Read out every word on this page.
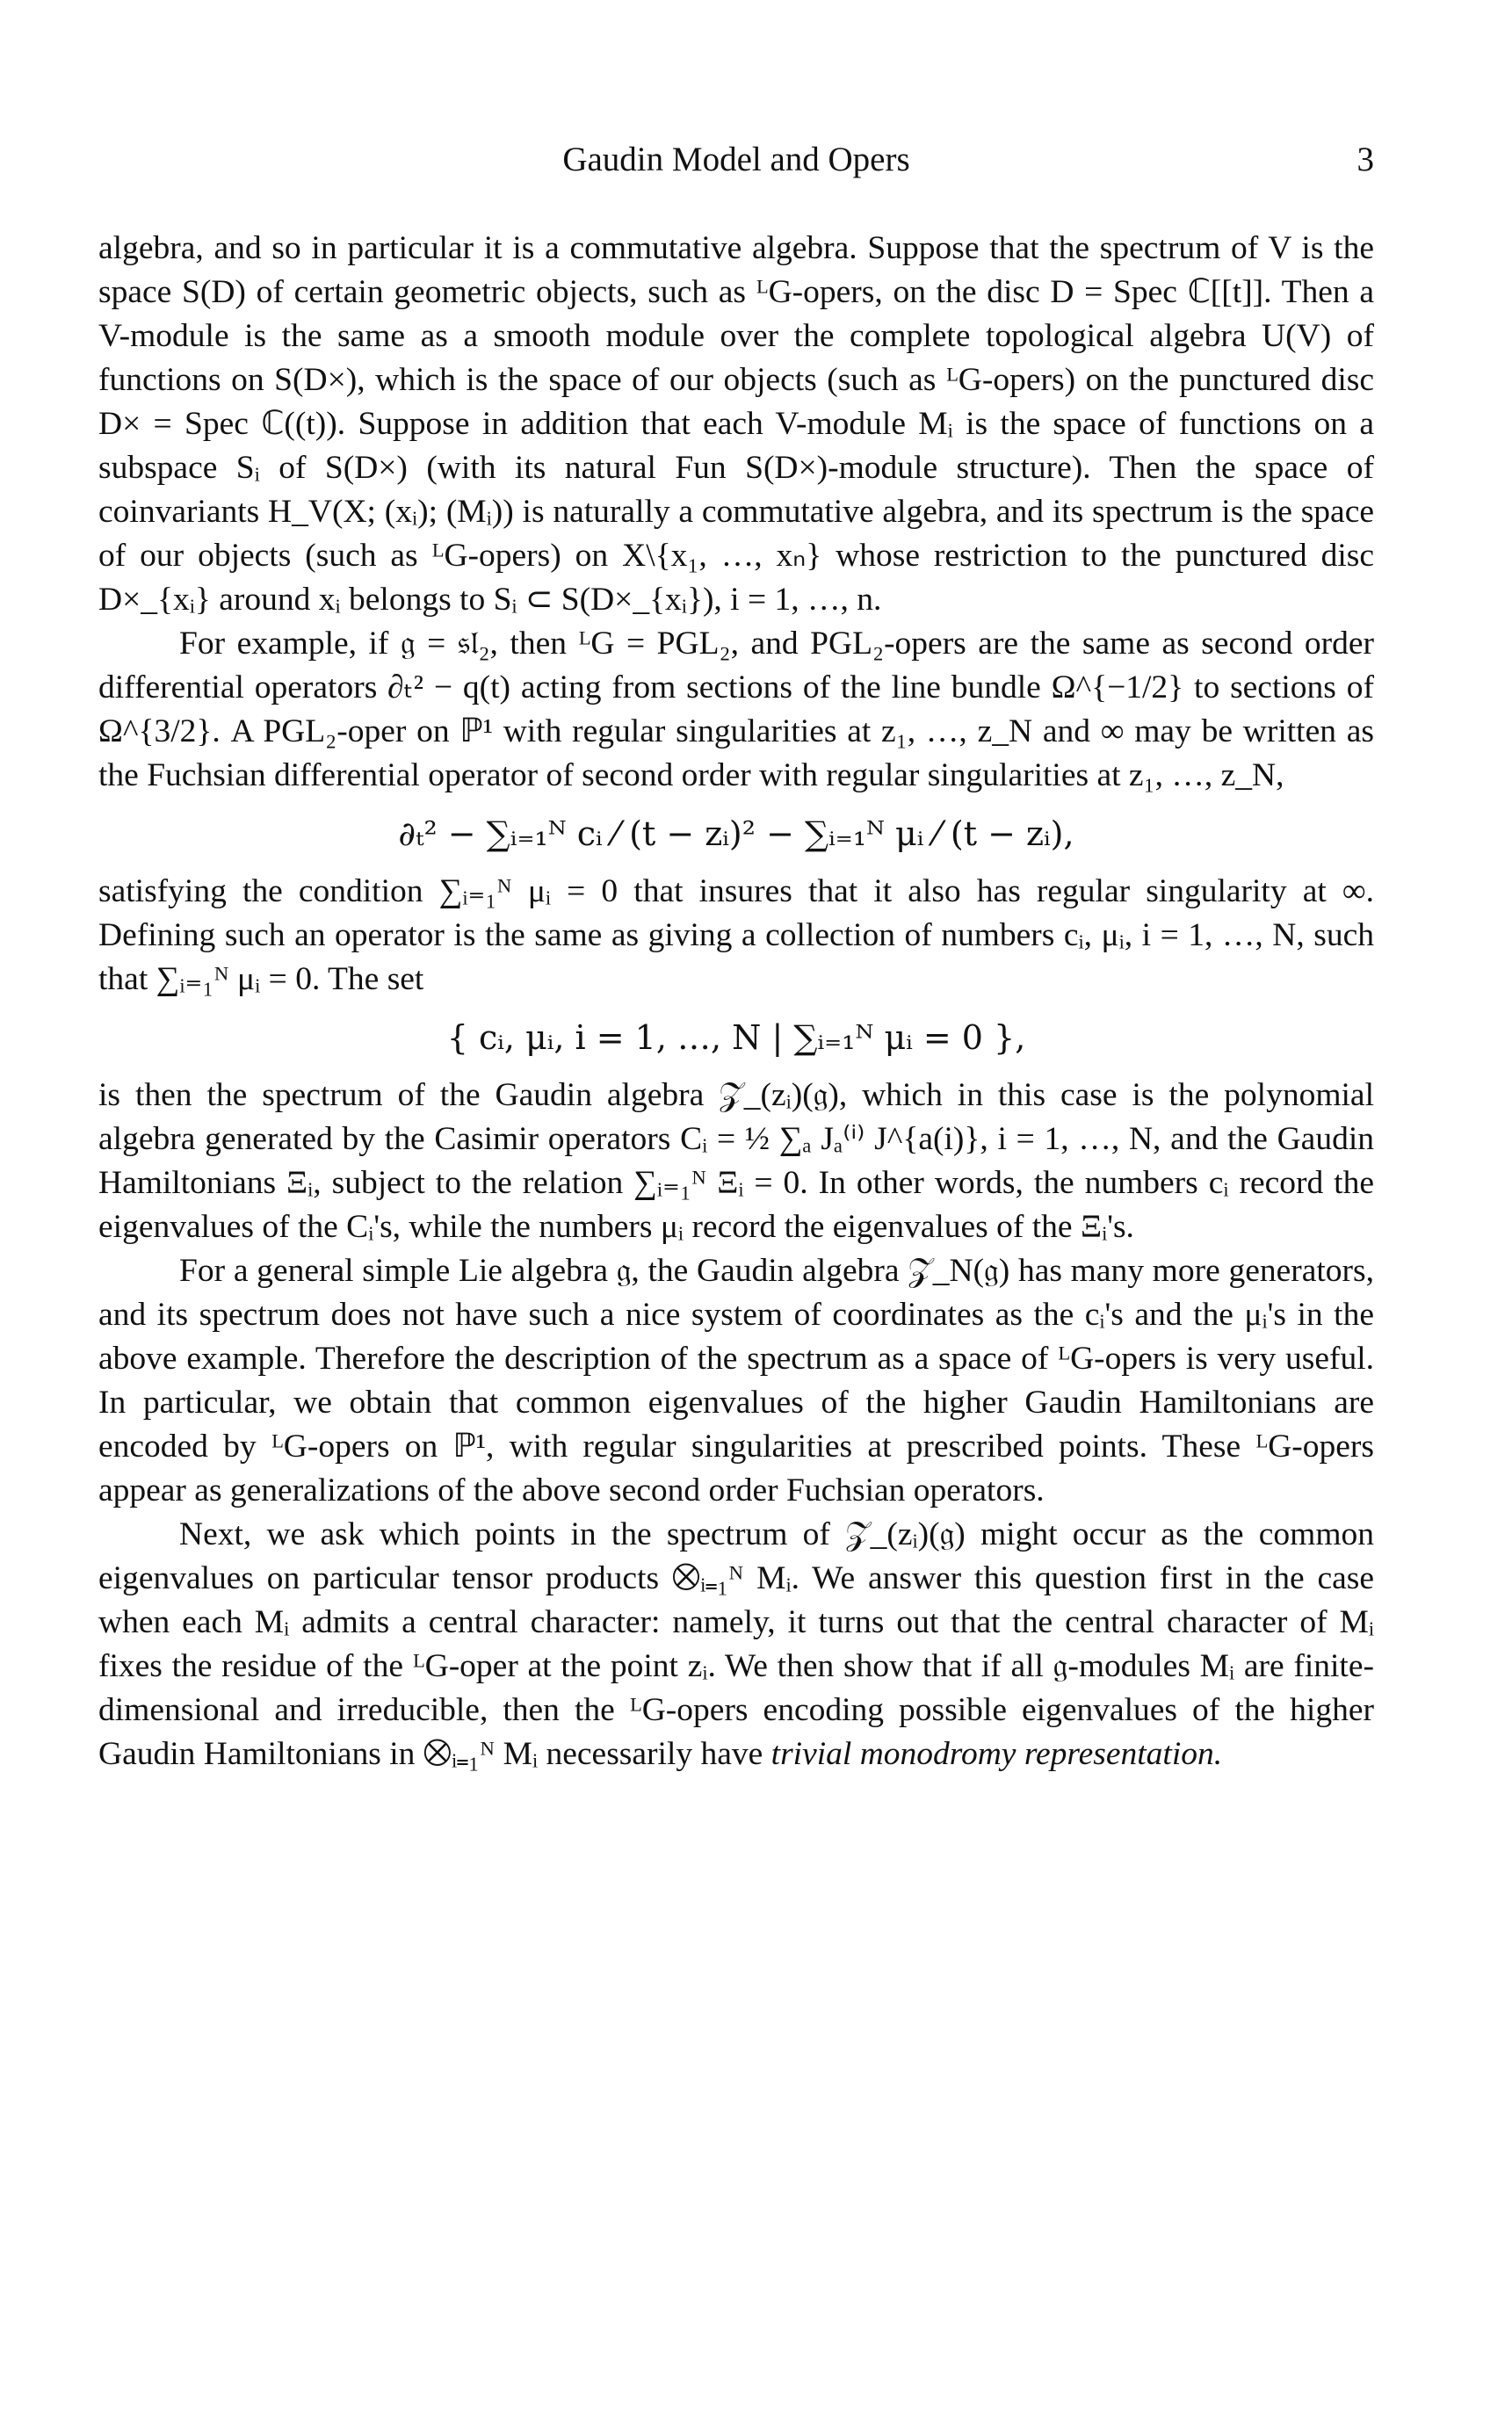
Gaudin Model and Opers	3

algebra, and so in particular it is a commutative algebra. Suppose that the spectrum of V is the space S(D) of certain geometric objects, such as ᴸG-opers, on the disc D = Spec ℂ[[t]]. Then a V-module is the same as a smooth module over the complete topological algebra U(V) of functions on S(D×), which is the space of our objects (such as ᴸG-opers) on the punctured disc D× = Spec ℂ((t)). Suppose in addition that each V-module Mᵢ is the space of functions on a subspace Sᵢ of S(D×) (with its natural Fun S(D×)-module structure). Then the space of coinvariants H_V(X; (xᵢ); (Mᵢ)) is naturally a commutative algebra, and its spectrum is the space of our objects (such as ᴸG-opers) on X\{x₁, …, xₙ} whose restriction to the punctured disc D×_{xᵢ} around xᵢ belongs to Sᵢ ⊂ S(D×_{xᵢ}), i = 1, …, n.

For example, if 𝔤 = 𝔰𝔩₂, then ᴸG = PGL₂, and PGL₂-opers are the same as second order differential operators ∂ₜ² − q(t) acting from sections of the line bundle Ω^{−1/2} to sections of Ω^{3/2}. A PGL₂-oper on ℙ¹ with regular singularities at z₁, …, z_N and ∞ may be written as the Fuchsian differential operator of second order with regular singularities at z₁, …, z_N,

∂ₜ² − ∑ᵢ₌₁ᴺ cᵢ ⁄ (t − zᵢ)² − ∑ᵢ₌₁ᴺ μᵢ ⁄ (t − zᵢ),

satisfying the condition ∑ᵢ₌₁ᴺ μᵢ = 0 that insures that it also has regular singularity at ∞. Defining such an operator is the same as giving a collection of numbers cᵢ, μᵢ, i = 1, …, N, such that ∑ᵢ₌₁ᴺ μᵢ = 0. The set

{ cᵢ, μᵢ, i = 1, …, N | ∑ᵢ₌₁ᴺ μᵢ = 0 },

is then the spectrum of the Gaudin algebra 𝒵_(zᵢ)(𝔤), which in this case is the polynomial algebra generated by the Casimir operators Cᵢ = ½ ∑ₐ Jₐ⁽ⁱ⁾ J^{a(i)}, i = 1, …, N, and the Gaudin Hamiltonians Ξᵢ, subject to the relation ∑ᵢ₌₁ᴺ Ξᵢ = 0. In other words, the numbers cᵢ record the eigenvalues of the Cᵢ's, while the numbers μᵢ record the eigenvalues of the Ξᵢ's.

For a general simple Lie algebra 𝔤, the Gaudin algebra 𝒵_N(𝔤) has many more generators, and its spectrum does not have such a nice system of coordinates as the cᵢ's and the μᵢ's in the above example. Therefore the description of the spectrum as a space of ᴸG-opers is very useful. In particular, we obtain that common eigenvalues of the higher Gaudin Hamiltonians are encoded by ᴸG-opers on ℙ¹, with regular singularities at prescribed points. These ᴸG-opers appear as generalizations of the above second order Fuchsian operators.

Next, we ask which points in the spectrum of 𝒵_(zᵢ)(𝔤) might occur as the common eigenvalues on particular tensor products ⨂ᵢ₌₁ᴺ Mᵢ. We answer this question first in the case when each Mᵢ admits a central character: namely, it turns out that the central character of Mᵢ fixes the residue of the ᴸG-oper at the point zᵢ. We then show that if all 𝔤-modules Mᵢ are finite-dimensional and irreducible, then the ᴸG-opers encoding possible eigenvalues of the higher Gaudin Hamiltonians in ⨂ᵢ₌₁ᴺ Mᵢ necessarily have trivial monodromy representation.
